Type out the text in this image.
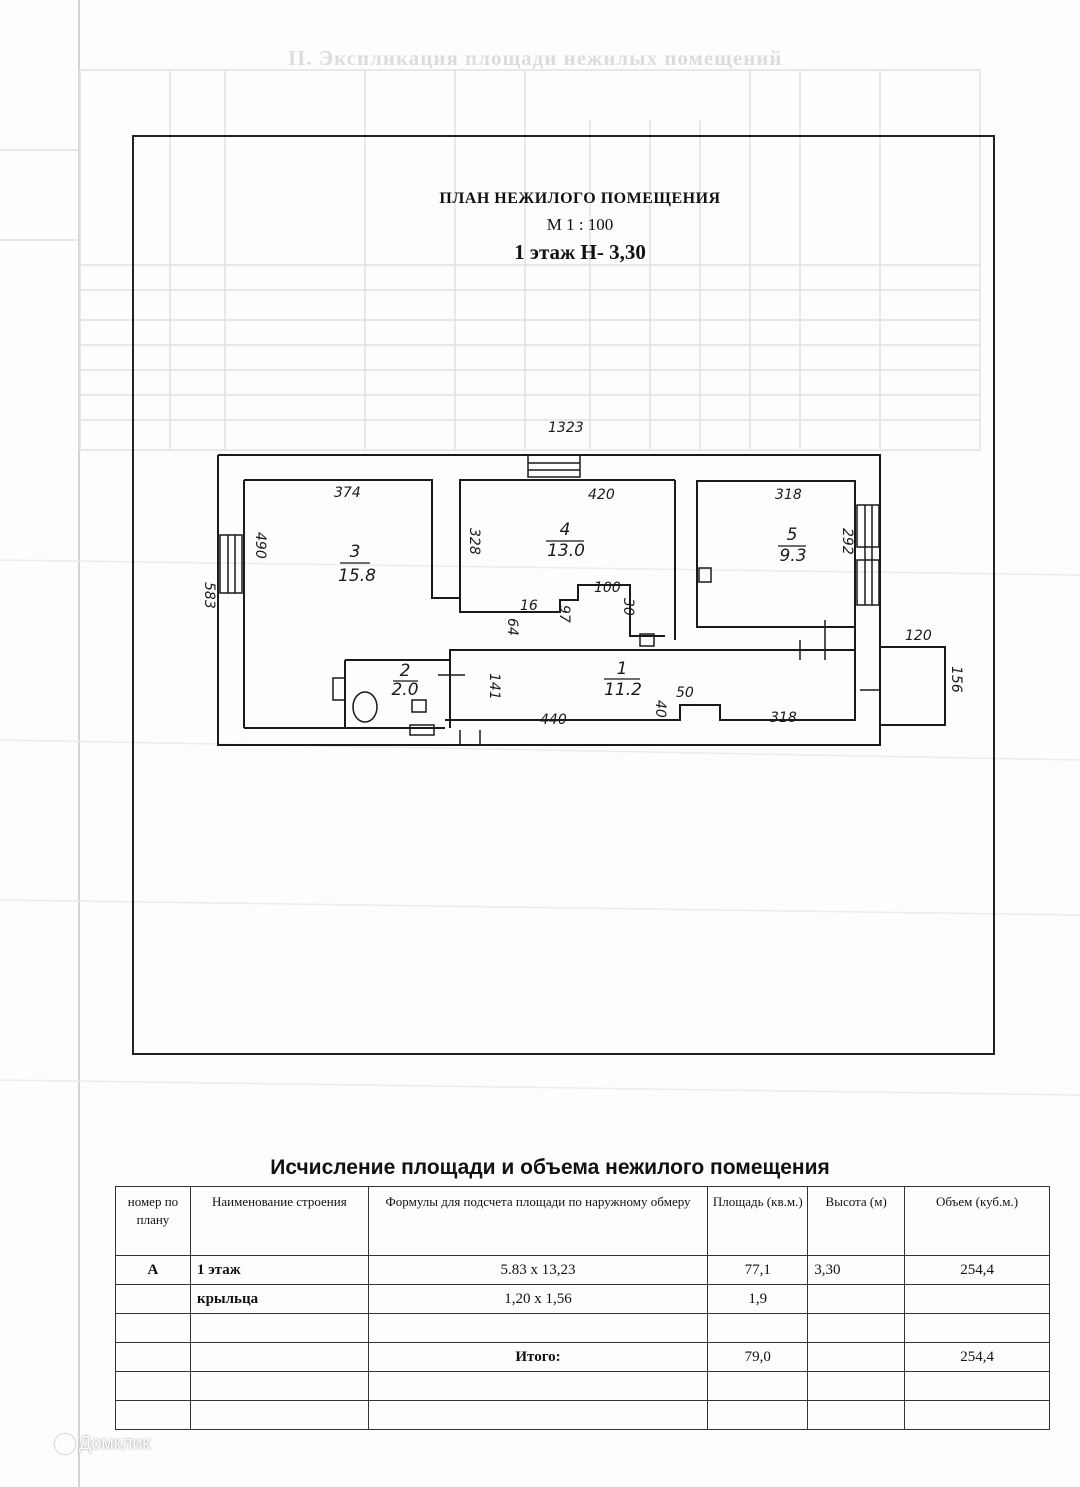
II. Экспликация площади нежилых помещений
ПЛАН НЕЖИЛОГО ПОМЕЩЕНИЯ
М 1 : 100
1 этаж Н- 3,30
3
15.8
4
13.0
5
9.3
2
2.0
1
11.2
1323
374	420	318
440	318
50
100
16
120
583
490	328	292
97	30
64
141
40
156
Исчисление площади и объема нежилого помещения
номер по плану	Наименование строения	Формулы для подсчета площади по наружному обмеру	Площадь (кв.м.)	Высота (м)	Объем (куб.м.)
А	1 этаж	5.83 х 13,23	77,1	3,30	254,4
	крыльца	1,20 х 1,56	1,9		

		Итого:	79,0		254,4

Домклик
